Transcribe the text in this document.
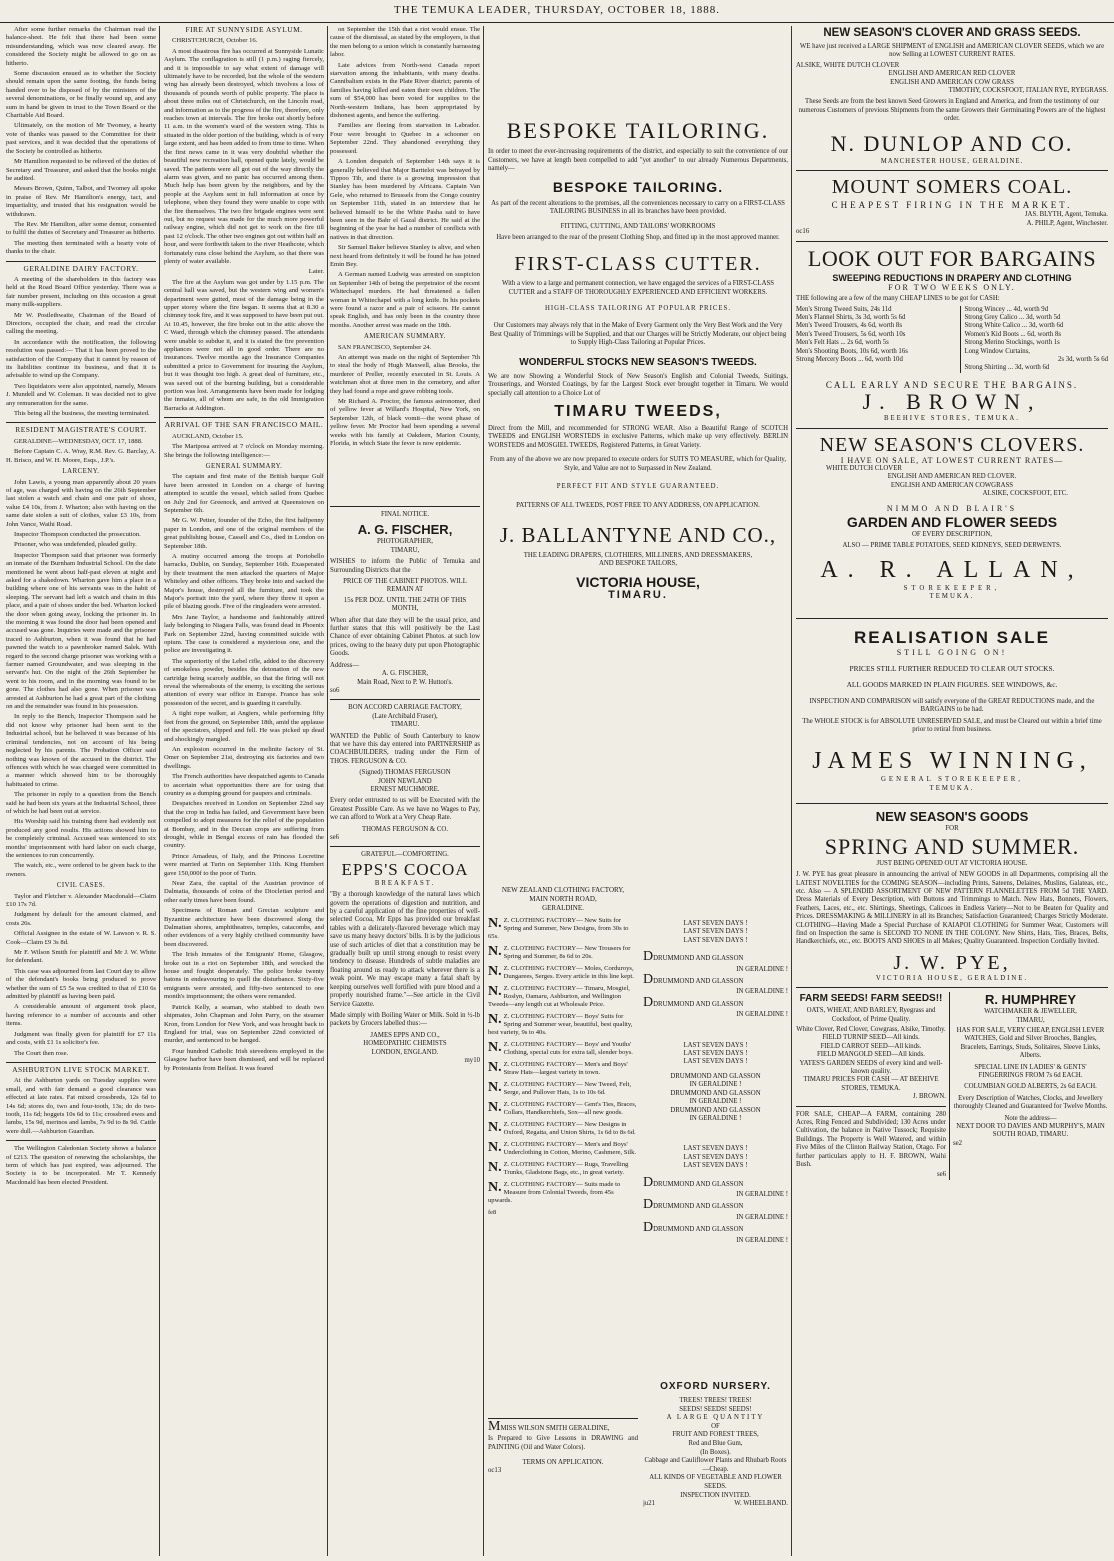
THE TEMUKA LEADER, THURSDAY, OCTOBER 18, 1888.

After some further remarks the Chairman read the balance-sheet. He felt that there had been some misunderstanding, which was now cleared away. He considered the Society might be allowed to go on as hitherto.

Some discussion ensued as to whether the Society should remain upon the same footing, the funds being handed over to be disposed of by the ministers of the several denominations, or be finally wound up, and any sum in hand be given in trust to the Town Board or the Charitable Aid Board.

Ultimately, on the motion of Mr Twomey, a hearty vote of thanks was passed to the Committee for their past services, and it was decided that the operations of the Society be controlled as hitherto.

Mr Hamilton requested to be relieved of the duties of Secretary and Treasurer, and asked that the books might be audited.

Messrs Brown, Quinn, Talbot, and Twomey all spoke in praise of Rev. Mr Hamilton's energy, tact, and impartiality, and trusted that his resignation would be withdrawn.

The Rev. Mr Hamilton, after some demur, consented to fulfil the duties of Secretary and Treasurer as hitherto.

The meeting then terminated with a hearty vote of thanks to the chair.

GERALDINE DAIRY FACTORY.

A meeting of the shareholders in this factory was held at the Road Board Office yesterday. There was a fair number present, including on this occasion a great many milk-suppliers.

Mr W. Postlethwaite, Chairman of the Board of Directors, occupied the chair, and read the circular calling the meeting.

In accordance with the notification, the following resolution was passed:— That it has been proved to the satisfaction of the Company that it cannot by reason of its liabilities continue its business, and that it is advisable to wind up the Company.

Two liquidators were also appointed, namely, Messrs J. Mundell and W. Coleman. It was decided not to give any remuneration for the same.

This being all the business, the meeting terminated.

RESIDENT MAGISTRATE'S COURT.

GERALDINE—WEDNESDAY, OCT. 17, 1888.

Before Captain C. A. Wray, R.M. Rev. G. Barclay, A. H. Brisco, and W. H. Moore, Esqs., J.P.'s.

LARCENY.

John Lawis, a young man apparently about 20 years of age, was charged with having on the 26th September last stolen a watch and chain and one pair of shoes, value £4 10s, from J. Wharton; also with having on the same date stolen a suit of clothes, value £3 10s, from John Vance, Waihi Road.

Inspector Thompson conducted the prosecution.

Prisoner, who was undefended, pleaded guilty.

Inspector Thompson said that prisoner was formerly an inmate of the Burnham Industrial School. On the date mentioned he went about half-past eleven at night and asked for a shakedown. Wharton gave him a place in a building where one of his servants was in the habit of sleeping. The servant had left a watch and chain in this place, and a pair of shoes under the bed. Wharton locked the door when going away, locking the prisoner in. In the morning it was found the door had been opened and accused was gone. Inquiries were made and the prisoner traced to Ashburton, when it was found that he had pawned the watch to a pawnbroker named Salek. With regard to the second charge prisoner was working with a farmer named Groundwater, and was sleeping in the servant's hut. On the night of the 26th September he went to his room, and in the morning was found to be gone. The clothes had also gone. When prisoner was arrested at Ashburton he had a great part of the clothing on and the remainder was found in his possession.

In reply to the Bench, Inspector Thompson said he did not know why prisoner had been sent to the Industrial school, but he believed it was because of his criminal tendencies, not on account of his being neglected by his parents. The Probation Officer said nothing was known of the accused in the district. The offences with which he was charged were committed in a manner which showed him to be thoroughly habituated to crime.

The prisoner in reply to a question from the Bench said he had been six years at the Industrial School, three of which he had been out at service.

His Worship said his training there had evidently not produced any good results. His actions showed him to be completely criminal. Accused was sentenced to six months' imprisonment with hard labor on each charge, the sentences to run concurrently.

The watch, etc., were ordered to be given back to the owners.

CIVIL CASES.

Taylor and Fletcher v. Alexander Macdonald—Claim £10 17s 7d.

Judgment by default for the amount claimed, and costs 26s.

Official Assignee in the estate of W. Lawson v. R. S. Cook—Claim £9 3s 8d.

Mr F. Wilson Smith for plaintiff and Mr J. W. White for defendant.

This case was adjourned from last Court day to allow of the defendant's books being produced to prove whether the sum of £5 5s was credited to that of £10 6s admitted by plaintiff as having been paid.

A considerable amount of argument took place, having reference to a number of accounts and other items.

Judgment was finally given for plaintiff for £7 11s and costs, with £1 1s solicitor's fee.

The Court then rose.

ASHBURTON LIVE STOCK MARKET.

At the Ashburton yards on Tuesday supplies were small, and with fair demand a good clearance was effected at late rates. Fat mixed crossbreds, 12s 6d to 14s 6d; stores do, two and four-tooth, 13s; do do two-tooth, 11s 6d; hoggets 10s 6d to 11s; crossbred ewes and lambs, 15s 9d, merinos and lambs, 7s 9d to 8s 9d. Cattle were dull.—Ashburton Guardian.

The Wellington Caledonian Society shows a balance of £213. The question of renewing the scholarships, the term of which has just expired, was adjourned. The Society is to be incorporated. Mr T. Kennedy Macdonald has been elected President.

FIRE AT SUNNYSIDE ASYLUM.

CHRISTCHURCH, October 16.

A most disastrous fire has occurred at Sunnyside Lunatic Asylum. The conflagration is still (1 p.m.) raging fiercely, and it is impossible to say what extent of damage will ultimately have to be recorded, but the whole of the western wing has already been destroyed, which involves a loss of thousands of pounds worth of public property. The place is about three miles out of Christchurch, on the Lincoln road, and information as to the progress of the fire, therefore, only reaches town at intervals. The fire broke out shortly before 11 a.m. in the women's ward of the western wing. This is situated in the older portion of the building, which is of very large extent, and has been added to from time to time. When the first news came in it was very doubtful whether the beautiful new recreation hall, opened quite lately, would be saved. The patients were all got out of the way directly the alarm was given, and no panic has occurred among them. Much help has been given by the neighbors, and by the people at the Asylum sent in full information at once by telephone, when they found they were unable to cope with the fire themselves. The two fire brigade engines were sent out, but no request was made for the much more powerful railway engine, which did not get to work on the fire till past 12 o'clock. The other two engines got out within half an hour, and were forthwith taken to the river Heathcote, which fortunately runs close behind the Asylum, so that there was plenty of water available.

Later.

The fire at the Asylum was got under by 1.15 p.m. The central hall was saved, but the western wing and women's department were gutted, most of the damage being in the upper storey where the fire began. It seems that at 8.30 a chimney took fire, and it was supposed to have been put out. At 10.45, however, the fire broke out in the attic above the C Ward, through which the chimney passed. The attendants were unable to subdue it, and it is stated the fire prevention appliances were not all in good order. There are no insurances. Twelve months ago the Insurance Companies submitted a price to Government for insuring the Asylum, but it was thought too high. A great deal of furniture, etc., was saved out of the burning building, but a considerable portion was lost. Arrangements have been made for lodging the inmates, all of whom are safe, in the old Immigration Barracks at Addington.

ARRIVAL OF THE SAN FRANCISCO MAIL.

AUCKLAND, October 15.

The Mariposa arrived at 7 o'clock on Monday morning. She brings the following intelligence:—

GENERAL SUMMARY.

The captain and first mate of the British barque Gulf have been arrested in London on a charge of having attempted to scuttle the vessel, which sailed from Quebec on July 2nd for Greenock, and arrived at Queenstown on September 6th.

Mr G. W. Petter, founder of the Echo, the first halfpenny paper in London, and one of the original members of the great publishing house, Cassell and Co., died in London on September 18th.

A mutiny occurred among the troops at Portobello barracks, Dublin, on Sunday, September 16th. Exasperated by their treatment the men attacked the quarters of Major Whiteley and other officers. They broke into and sacked the Major's house, destroyed all the furniture, and took the Major's portrait into the yard, where they threw it upon a pile of blazing goods. Five of the ringleaders were arrested.

Mrs Jane Taylor, a handsome and fashionably attired lady belonging to Niagara Falls, was found dead in Phoenix Park on September 22nd, having committed suicide with opium. The case is considered a mysterious one, and the police are investigating it.

The superiority of the Lebel rifle, added to the discovery of smokeless powder, besides the detonation of the new cartridge being scarcely audible, so that the firing will not reveal the whereabouts of the enemy, is exciting the serious attention of every war office in Europe. France has sole possession of the secret, and is guarding it carefully.

A tight rope walker, at Angiers, while performing fifty feet from the ground, on September 18th, amid the applause of the spectators, slipped and fell. He was picked up dead and shockingly mangled.

An explosion occurred in the melinite factory of St. Omer on September 21st, destroying six factories and two dwellings.

The French authorities have despatched agents to Canada to ascertain what opportunities there are for using that country as a dumping ground for paupers and criminals.

Despatches received in London on September 22nd say that the crop in India has failed, and Government have been compelled to adopt measures for the relief of the population at Bombay, and in the Deccan crops are suffering from drought, while in Bengal excess of rain has flooded the country.

Prince Amadeus, of Italy, and the Princess Locretine were married at Turin on September 11th. King Humbert gave 150,000f to the poor of Turin.

Near Zara, the capital of the Austrian province of Dalmatia, thousands of coins of the Diocletian period and other early times have been found.

Specimens of Roman and Grecian sculpture and Byzantine architecture have been discovered along the Dalmatian shores, amphitheatres, temples, catacombs, and other evidences of a very highly civilised community have been discovered.

The Irish inmates of the Emigrants' Home, Glasgow, broke out in a riot on September 18th, and wrecked the house and fought desperately. The police broke twenty batons in endeavouring to quell the disturbance. Sixty-five emigrants were arrested, and fifty-two sentenced to one month's imprisonment; the others were remanded.

Patrick Kelly, a seaman, who stabbed to death two shipmates, John Chapman and John Parry, on the steamer Kron, from London for New York, and was brought back to England for trial, was on September 22nd convicted of murder, and sentenced to be hanged.

Four hundred Catholic Irish stevedores employed in the Glasgow harbor have been dismissed, and will be replaced by Protestants from Belfast. It was feared

on September the 15th that a riot would ensue. The cause of the dismissal, as stated by the employers, is that the men belong to a union which is constantly harrassing labor.

Late advices from North-west Canada report starvation among the inhabitants, with many deaths. Cannibalism exists in the Plate River district; parents of families having killed and eaten their own children. The sum of $54,000 has been voted for supplies to the North-western Indians, has been appropriated by dishonest agents, and hence the suffering.

Families are fleeing from starvation in Labrador. Four were brought to Quebec in a schooner on September 22nd. They abandoned everything they possessed.

A London despatch of September 14th says it is generally believed that Major Barttelot was betrayed by Tippoo Tib, and there is a growing impression that Stanley has been murdered by Africans. Captain Van Gele, who returned to Brussels from the Congo country on September 11th, stated in an interview that he believed himself to be the White Pasha said to have been seen in the Bahr el Gazal district. He said at the beginning of the year he had a number of conflicts with natives in that direction.

Sir Samuel Baker believes Stanley is alive, and when next heard from definitely it will be found he has joined Emin Bey.

A German named Ludwig was arrested on suspicion on September 14th of being the perpetrator of the recent Whitechapel murders. He had threatened a fallen woman in Whitechapel with a long knife. In his pockets were found a razor and a pair of scissors. He cannot speak English, and has only been in the country three months. Another arrest was made on the 18th.

AMERICAN SUMMARY.

SAN FRANCISCO, September 24.

An attempt was made on the night of September 7th to steal the body of Hugh Maxwell, alias Brooks, the murderer of Preller, recently executed in St. Louis. A watchman shot at three men in the cemetery, and after they had found a rope and grave robbing tools.

Mr Richard A. Proctor, the famous astronomer, died of yellow fever at Willard's Hospital, New York, on September 12th, of black vomit—the worst phase of yellow fever. Mr Proctor had been spending a several weeks with his family at Oakdeen, Marion County, Florida, in which State the fever is now epidemic.

FINAL NOTICE.
A. G. FISCHER,
PHOTOGRAPHER,
TIMARU,

WISHES to inform the Public of Temuka and Surrounding Districts that the

PRICE OF THE CABINET PHOTOS. WILL REMAIN AT
15s PER DOZ. UNTIL THE 24TH OF THIS MONTH,

When after that date they will be the usual price, and further states that this will positively be the Last Chance of ever obtaining Cabinet Photos. at such low prices, owing to the heavy duty put upon Photographic Goods.

Address—
A. G. FISCHER,
Main Road, Next to P. W. Hutton's.
so6
BON ACCORD CARRIAGE FACTORY,
(Late Archibald Fraser),
TIMARU.

WANTED the Public of South Canterbury to know that we have this day entered into PARTNERSHIP as COACHBUILDERS, trading under the Firm of THOS. FERGUSON & CO.

(Signed) THOMAS FERGUSON
JOHN NEWLAND
ERNEST MUCHMORE.

Every order entrusted to us will be Executed with the Greatest Possible Care. As we have no Wages to Pay, we can afford to Work at a Very Cheap Rate.

THOMAS FERGUSON & CO.
se6
GRATEFUL—COMFORTING.
EPPS'S COCOA
BREAKFAST.

"By a thorough knowledge of the natural laws which govern the operations of digestion and nutrition, and by a careful application of the fine properties of well-selected Cocoa, Mr Epps has provided our breakfast tables with a delicately-flavored beverage which may save us many heavy doctors' bills. It is by the judicious use of such articles of diet that a constitution may be gradually built up until strong enough to resist every tendency to disease. Hundreds of subtle maladies are floating around us ready to attack wherever there is a weak point. We may escape many a fatal shaft by keeping ourselves well fortified with pure blood and a properly nourished frame."—See article in the Civil Service Gazette.

Made simply with Boiling Water or Milk. Sold in ½-lb packets by Grocers labelled thus:—

JAMES EPPS AND CO.,
HOMEOPATHIC CHEMISTS
LONDON, ENGLAND.
my10
BESPOKE TAILORING.

In order to meet the ever-increasing requirements of the district, and especially to suit the convenience of our Customers, we have at length been compelled to add "yet another" to our already Numerous Departments, namely—

BESPOKE TAILORING.

As part of the recent alterations to the premises, all the conveniences necessary to carry on a FIRST-CLASS TAILORING BUSINESS in all its branches have been provided.

FITTING, CUTTING, AND TAILORS' WORKROOMS

Have been arranged to the rear of the present Clothing Shop, and fitted up in the most approved manner.

FIRST-CLASS CUTTER.

With a view to a large and permanent connection, we have engaged the services of a FIRST-CLASS CUTTER and a STAFF OF THOROUGHLY EXPERIENCED AND EFFICIENT WORKERS.

HIGH-CLASS TAILORING AT POPULAR PRICES.

Our Customers may always rely that in the Make of Every Garment only the Very Best Work and the Very Best Quality of Trimmings will be Supplied, and that our Charges will be Strictly Moderate, our object being to Supply High-Class Tailoring at Popular Prices.

WONDERFUL STOCKS NEW SEASON'S TWEEDS.

We are now Showing a Wonderful Stock of New Season's English and Colonial Tweeds, Suitings, Trouserings, and Worsted Coatings, by far the Largest Stock ever brought together in Timaru. We would specially call attention to a Choice Lot of

TIMARU TWEEDS,

Direct from the Mill, and recommended for STRONG WEAR. Also a Beautiful Range of SCOTCH TWEEDS and ENGLISH WORSTEDS in exclusive Patterns, which make up very effectively. BERLIN WORSTEDS and MOSGIEL TWEEDS, Registered Patterns, in Great Variety.

From any of the above we are now prepared to execute orders for SUITS TO MEASURE, which for Quality, Style, and Value are not to Surpassed in New Zealand.

PERFECT FIT AND STYLE GUARANTEED.
PATTERNS OF ALL TWEEDS, POST FREE TO ANY ADDRESS, ON APPLICATION.
J. BALLANTYNE AND CO.,
THE LEADING DRAPERS, CLOTHIERS, MILLINERS, AND DRESSMAKERS, AND BESPOKE TAILORS,
VICTORIA HOUSE,
TIMARU.
NEW ZEALAND CLOTHING FACTORY,
MAIN NORTH ROAD,
GERALDINE.
N. Z. CLOTHING FACTORY— New Suits for Spring and Summer, New Designs, from 30s to 65s.
N. Z. CLOTHING FACTORY— New Trousers for Spring and Summer, 8s 6d to 20s.
N. Z. CLOTHING FACTORY— Moles, Corduroys, Dungarees, Serges. Every article in this line kept.
N. Z. CLOTHING FACTORY— Timaru, Mosgiel, Roslyn, Oamaru, Ashburton, and Wellington Tweeds—any length cut at Wholesale Price.
N. Z. CLOTHING FACTORY— Boys' Suits for Spring and Summer wear, beautiful, best quality, best variety, 9s to 40s.
N. Z. CLOTHING FACTORY— Boys' and Youths' Clothing, special cuts for extra tall, slender boys.
N. Z. CLOTHING FACTORY— Men's and Boys' Straw Hats—largest variety in town.
N. Z. CLOTHING FACTORY— New Tweed, Felt, Serge, and Pullover Hats, 1s to 10s 6d.
N. Z. CLOTHING FACTORY— Gent's Ties, Braces, Collars, Handkerchiefs, Sox—all new goods.
N. Z. CLOTHING FACTORY— New Designs in Oxford, Regatta, and Union Shirts, 1s 6d to 8s 6d.
N. Z. CLOTHING FACTORY— Men's and Boys' Underclothing in Cotton, Merino, Cashmere, Silk.
N. Z. CLOTHING FACTORY— Rugs, Travelling Trunks, Gladstone Bags, etc., in great variety.
N. Z. CLOTHING FACTORY— Suits made to Measure from Colonial Tweeds, from 45s upwards.
fe8
LAST SEVEN DAYS !
LAST SEVEN DAYS !
LAST SEVEN DAYS !
DDRUMMOND AND GLASSON
IN GERALDINE !
DDRUMMOND AND GLASSON
IN GERALDINE !
DDRUMMOND AND GLASSON
IN GERALDINE !
LAST SEVEN DAYS !
LAST SEVEN DAYS !
LAST SEVEN DAYS !
DRUMMOND AND GLASSON
IN GERALDINE !
DRUMMOND AND GLASSON
IN GERALDINE !
DRUMMOND AND GLASSON
IN GERALDINE !
LAST SEVEN DAYS !
LAST SEVEN DAYS !
LAST SEVEN DAYS !
DDRUMMOND AND GLASSON
IN GERALDINE !
DDRUMMOND AND GLASSON
IN GERALDINE !
DDRUMMOND AND GLASSON
IN GERALDINE !
MMISS WILSON SMITH GERALDINE,

Is Prepared to Give Lessons in DRAWING and PAINTING (Oil and Water Colors).

TERMS ON APPLICATION.
oc13
OXFORD NURSERY.
TREES! TREES! TREES!
SEEDS! SEEDS! SEEDS!
A LARGE QUANTITY
OF
FRUIT AND FOREST TREES,
Red and Blue Gum,
(In Boxes).
Cabbage and Cauliflower Plants and Rhubarb Roots—Cheap.
ALL KINDS OF VEGETABLE AND FLOWER SEEDS.
INSPECTION INVITED.
ju21	W. WHEELBAND.
NEW SEASON'S CLOVER AND GRASS SEEDS.

WE have just received a LARGE SHIPMENT of ENGLISH and AMERICAN CLOVER SEEDS, which we are now Selling at LOWEST CURRENT RATES.

ALSIKE, WHITE DUTCH CLOVER
ENGLISH AND AMERICAN RED CLOVER
ENGLISH AND AMERICAN COW GRASS
TIMOTHY, COCKSFOOT, ITALIAN RYE, RYEGRASS.

These Seeds are from the best known Seed Growers in England and America, and from the testimony of our numerous Customers of previous Shipments from the same Growers their Germinating Powers are of the highest order.

N. DUNLOP AND CO.
MANCHESTER HOUSE, GERALDINE.
MOUNT SOMERS COAL.
CHEAPEST FIRING IN THE MARKET.
JAS. BLYTH, Agent, Temuka.
A. PHILP, Agent, Winchester.
oc16
LOOK OUT FOR BARGAINS
SWEEPING REDUCTIONS IN DRAPERY AND CLOTHING
FOR TWO WEEKS ONLY.
THE following are a few of the many CHEAP LINES to be got for CASH:
Men's Strong Tweed Suits, 24s 11d
Men's Flannel Shirts, 3s 3d, worth 5s 6d
Men's Tweed Trousers, 4s 6d, worth 8s
Men's Tweed Trousers, 5s 6d, worth 10s
Men's Felt Hats ... 2s 6d, worth 5s
Men's Shooting Boots, 10s 6d, worth 16s
Strong Mercery Boots ... 6d, worth 10d
Strong Wincey ... 4d, worth 9d
Strong Grey Calico ... 3d, worth 5d
Strong White Calico ... 3d, worth 6d
Women's Kid Boots ... 6d, worth 8s
Strong Merino Stockings, worth 1s
Long Window Curtains,
2s 3d, worth 5s 6d
Strong Shirting ... 3d, worth 6d
CALL EARLY AND SECURE THE BARGAINS.
J. BROWN,
BEEHIVE STORES, TEMUKA.
NEW SEASON'S CLOVERS.
I HAVE ON SALE, AT LOWEST CURRENT RATES—
WHITE DUTCH CLOVER
ENGLISH AND AMERICAN RED CLOVER.
ENGLISH AND AMERICAN COWGRASS
ALSIKE, COCKSFOOT, ETC.
NIMMO AND BLAIR'S
GARDEN AND FLOWER SEEDS
OF EVERY DESCRIPTION,
ALSO — PRIME TABLE POTATOES, SEED KIDNEYS, SEED DERWENTS.
A. R. ALLAN,
STOREKEEPER,
TEMUKA.
REALISATION SALE
STILL GOING ON!
PRICES STILL FURTHER REDUCED TO CLEAR OUT STOCKS.
ALL GOODS MARKED IN PLAIN FIGURES. SEE WINDOWS, &c.

INSPECTION AND COMPARISON will satisfy everyone of the GREAT REDUCTIONS made, and the BARGAINS to be had.

The WHOLE STOCK is for ABSOLUTE UNRESERVED SALE, and must be Cleared out within a brief time prior to retiral from business.

JAMES WINNING,
GENERAL STOREKEEPER,
TEMUKA.
NEW SEASON'S GOODS
FOR
SPRING AND SUMMER.
JUST BEING OPENED OUT AT VICTORIA HOUSE.

J. W. PYE has great pleasure in announcing the arrival of NEW GOODS in all Departments, comprising all the LATEST NOVELTIES for the COMING SEASON—including Prints, Sateens, Delaines, Muslins, Galateas, etc., etc. Also — A SPLENDID ASSORTMENT OF NEW PATTERN FLANNELETTES FROM 5d THE YARD. Dress Materials of Every Description, with Buttons and Trimmings to Match. New Hats, Bonnets, Flowers, Feathers, Laces, etc., etc. Shirtings, Sheetings, Calicoes in Endless Variety—Not to be Beaten for Quality and Prices. DRESSMAKING & MILLINERY in all its Branches; Satisfaction Guaranteed; Charges Strictly Moderate. CLOTHING—Having Made a Special Purchase of KAIAPOI CLOTHING for Summer Wear, Customers will find on Inspection the same is SECOND TO NONE IN THE COLONY. New Shirts, Hats, Ties, Braces, Belts, Handkerchiefs, etc., etc. BOOTS AND SHOES in all Makes; Quality Guaranteed. Inspection Cordially Invited.

J. W. PYE,
VICTORIA HOUSE, GERALDINE.
FARM SEEDS! FARM SEEDS!!

OATS, WHEAT, AND BARLEY, Ryegrass and Cocksfoot, of Prime Quality.

White Clover, Red Clover, Cowgrass, Alsike, Timothy.
FIELD TURNIP SEED—All kinds.
FIELD CARROT SEED—All kinds.
FIELD MANGOLD SEED—All kinds.
YATES'S GARDEN SEEDS of every kind and well-known quality.
TIMARU PRICES FOR CASH — AT BEEHIVE STORES, TEMUKA.
J. BROWN.

FOR SALE, CHEAP—A FARM, containing 280 Acres, Ring Fenced and Subdivided; 130 Acres under Cultivation, the balance in Native Tussock; Requisite Buildings. The Property is Well Watered, and within Five Miles of the Clinton Railway Station, Otago. For further particulars apply to H. F. BROWN, Waihi Bush.

se6
R. HUMPHREY
WATCHMAKER & JEWELLER,
TIMARU,

HAS FOR SALE, VERY CHEAP, ENGLISH LEVER WATCHES, Gold and Silver Brooches, Bangles, Bracelets, Earrings, Studs, Solitaires, Sleeve Links, Alberts.

SPECIAL LINE IN LADIES' & GENTS' FINGERRINGS FROM 7s 6d EACH.
COLUMBIAN GOLD ALBERTS, 2s 6d EACH.

Every Description of Watches, Clocks, and Jewellery thoroughly Cleaned and Guaranteed for Twelve Months.

Note the address—
NEXT DOOR TO DAVIES AND MURPHY'S, MAIN SOUTH ROAD, TIMARU.
se2
